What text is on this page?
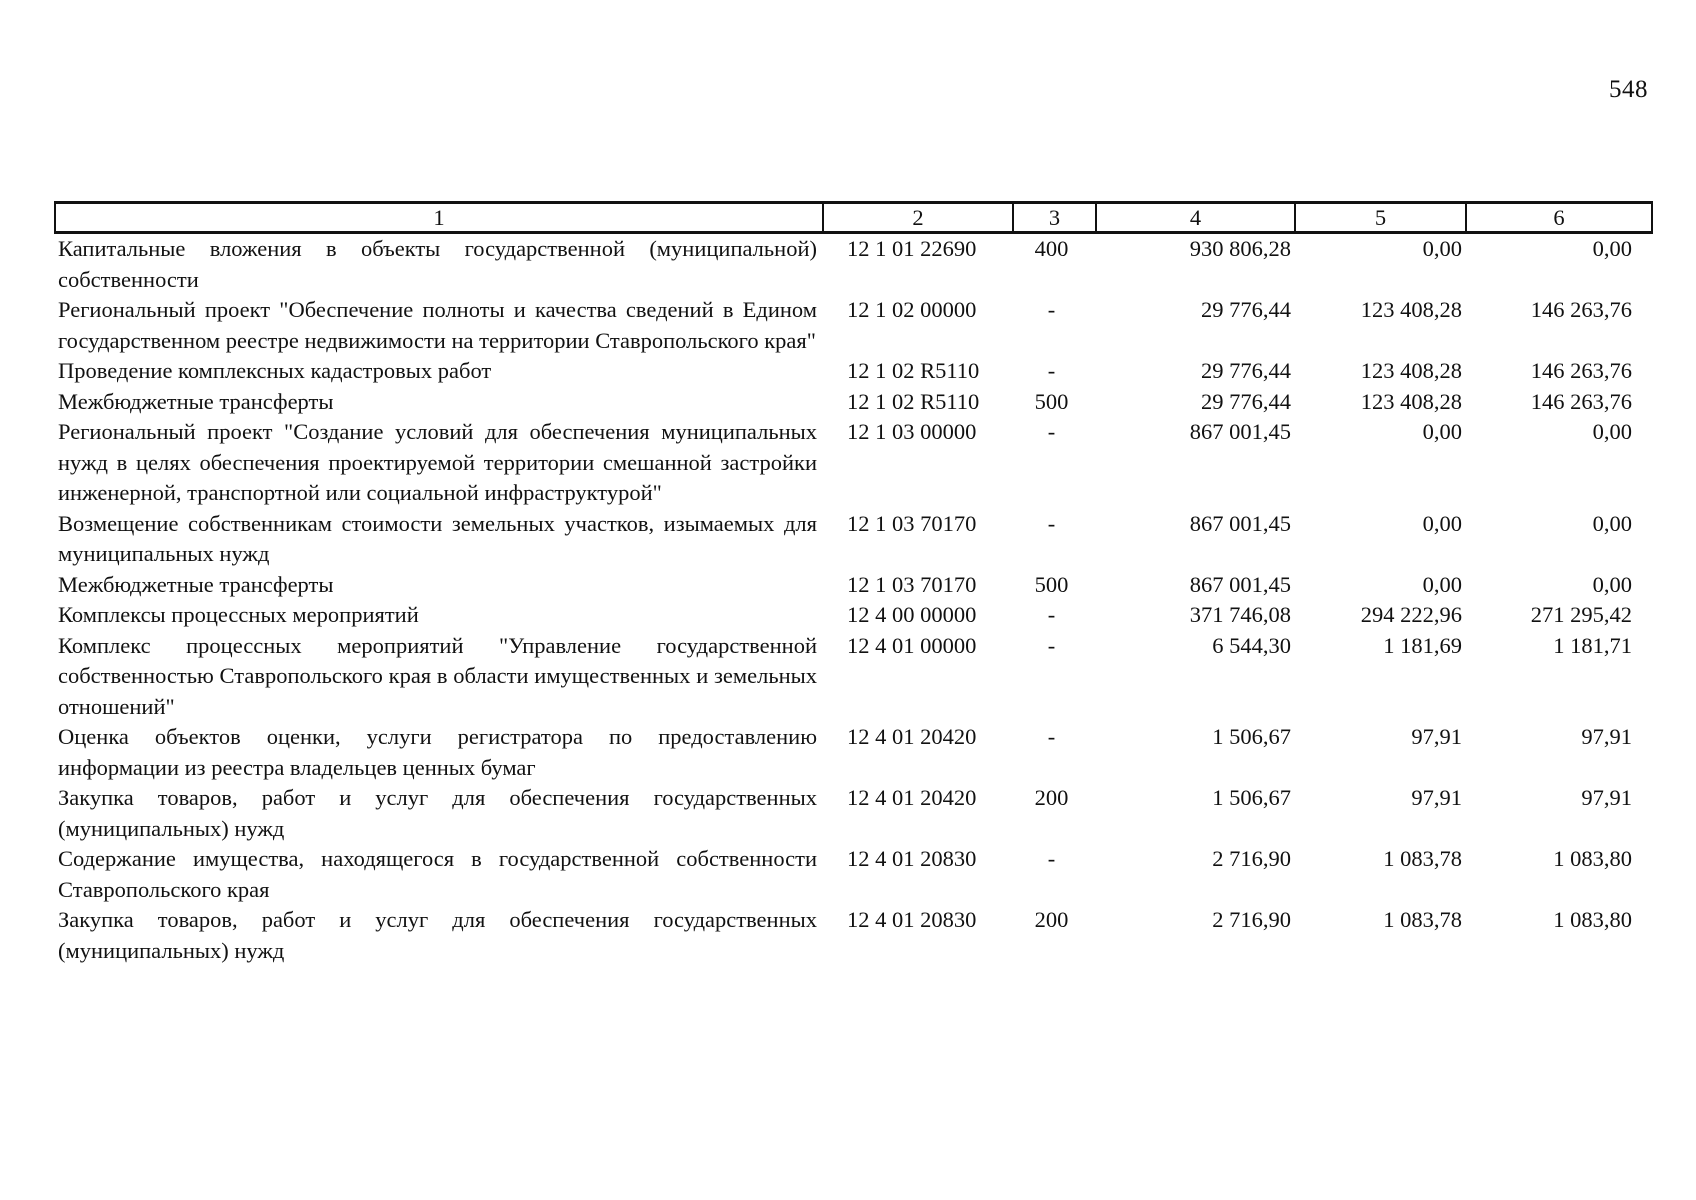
548
1	2	3	4	5	6
Капитальные вложения в объекты государственной (муниципальной) собственности	12 1 01 22690	400	930 806,28	0,00	0,00
Региональный проект "Обеспечение полноты и качества сведений в Едином государственном реестре недвижимости на территории Ставропольского края"	12 1 02 00000	-	29 776,44	123 408,28	146 263,76
Проведение комплексных кадастровых работ	12 1 02 R5110	-	29 776,44	123 408,28	146 263,76
Межбюджетные трансферты	12 1 02 R5110	500	29 776,44	123 408,28	146 263,76
Региональный проект "Создание условий для обеспечения муниципальных нужд в целях обеспечения проектируемой территории смешанной застройки инженерной, транспортной или социальной инфраструктурой"	12 1 03 00000	-	867 001,45	0,00	0,00
Возмещение собственникам стоимости земельных участков, изымаемых для муниципальных нужд	12 1 03 70170	-	867 001,45	0,00	0,00
Межбюджетные трансферты	12 1 03 70170	500	867 001,45	0,00	0,00
Комплексы процессных мероприятий	12 4 00 00000	-	371 746,08	294 222,96	271 295,42
Комплекс процессных мероприятий "Управление государственной собственностью Ставропольского края в области имущественных и земельных отношений"	12 4 01 00000	-	6 544,30	1 181,69	1 181,71
Оценка объектов оценки, услуги регистратора по предоставлению информации из реестра владельцев ценных бумаг	12 4 01 20420	-	1 506,67	97,91	97,91
Закупка товаров, работ и услуг для обеспечения государственных (муниципальных) нужд	12 4 01 20420	200	1 506,67	97,91	97,91
Содержание имущества, находящегося в государственной собственности Ставропольского края	12 4 01 20830	-	2 716,90	1 083,78	1 083,80
Закупка товаров, работ и услуг для обеспечения государственных (муниципальных) нужд	12 4 01 20830	200	2 716,90	1 083,78	1 083,80
